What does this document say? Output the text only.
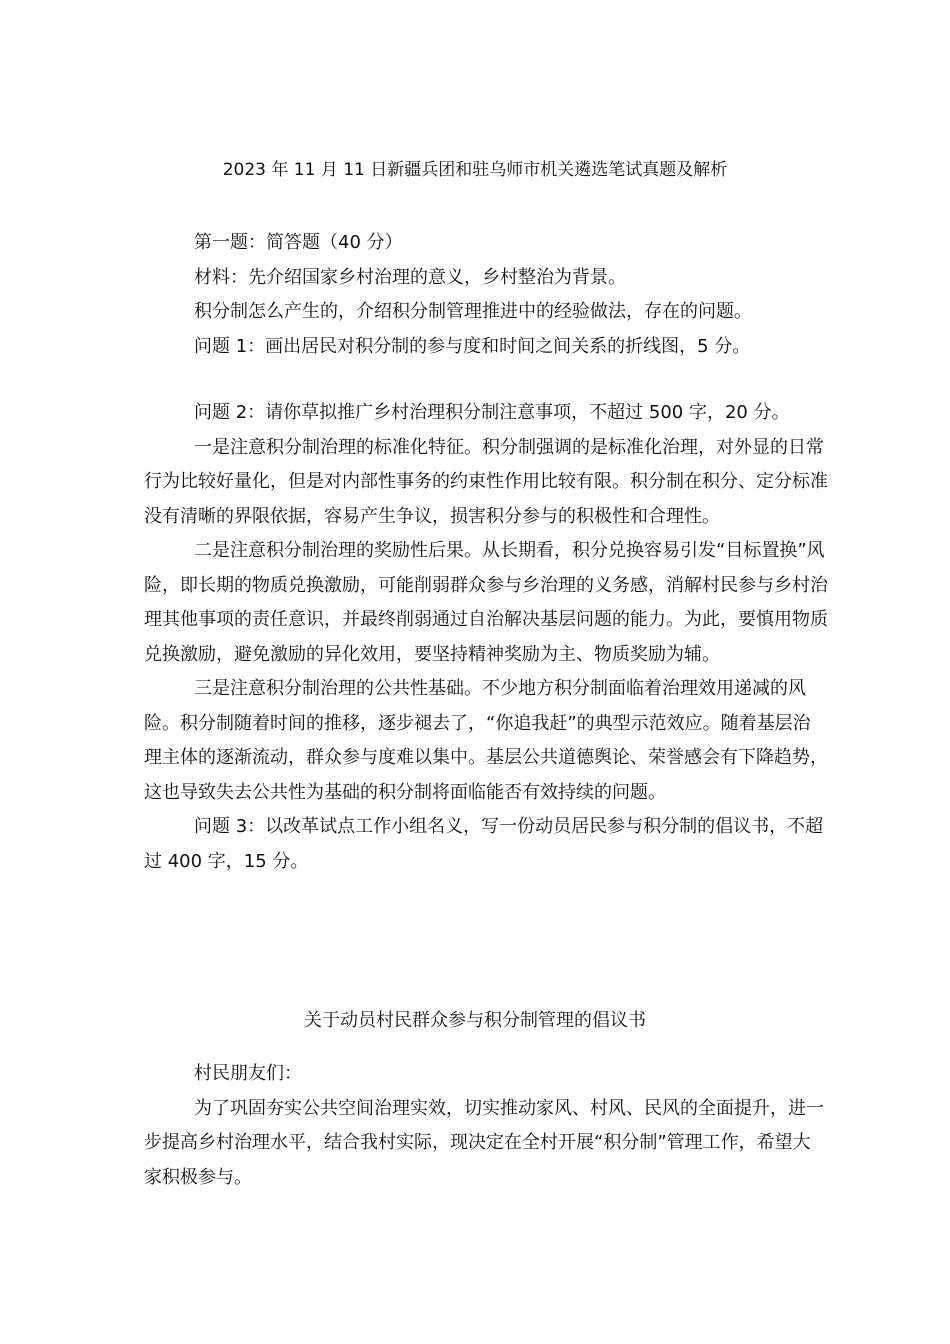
2023 年 11 月 11 日新疆兵团和驻乌师市机关遴选笔试真题及解析

第一题：简答题（40 分）

材料：先介绍国家乡村治理的意义，乡村整治为背景。

积分制怎么产生的，介绍积分制管理推进中的经验做法，存在的问题。

问题 1：画出居民对积分制的参与度和时间之间关系的折线图，5 分。

问题 2：请你草拟推广乡村治理积分制注意事项，不超过 500 字，20 分。

一是注意积分制治理的标准化特征。积分制强调的是标准化治理，对外显的日常行为比较好量化，但是对内部性事务的约束性作用比较有限。积分制在积分、定分标准没有清晰的界限依据，容易产生争议，损害积分参与的积极性和合理性。

二是注意积分制治理的奖励性后果。从长期看，积分兑换容易引发“目标置换”风险，即长期的物质兑换激励，可能削弱群众参与乡治理的义务感，消解村民参与乡村治理其他事项的责任意识，并最终削弱通过自治解决基层问题的能力。为此，要慎用物质兑换激励，避免激励的异化效用，要坚持精神奖励为主、物质奖励为辅。

三是注意积分制治理的公共性基础。不少地方积分制面临着治理效用递减的风险。积分制随着时间的推移，逐步褪去了，“你追我赶”的典型示范效应。随着基层治理主体的逐渐流动，群众参与度难以集中。基层公共道德舆论、荣誉感会有下降趋势，这也导致失去公共性为基础的积分制将面临能否有效持续的问题。

问题 3：以改革试点工作小组名义，写一份动员居民参与积分制的倡议书，不超过 400 字，15 分。

关于动员村民群众参与积分制管理的倡议书

村民朋友们：

为了巩固夯实公共空间治理实效，切实推动家风、村风、民风的全面提升，进一步提高乡村治理水平，结合我村实际，现决定在全村开展“积分制”管理工作，希望大家积极参与。
